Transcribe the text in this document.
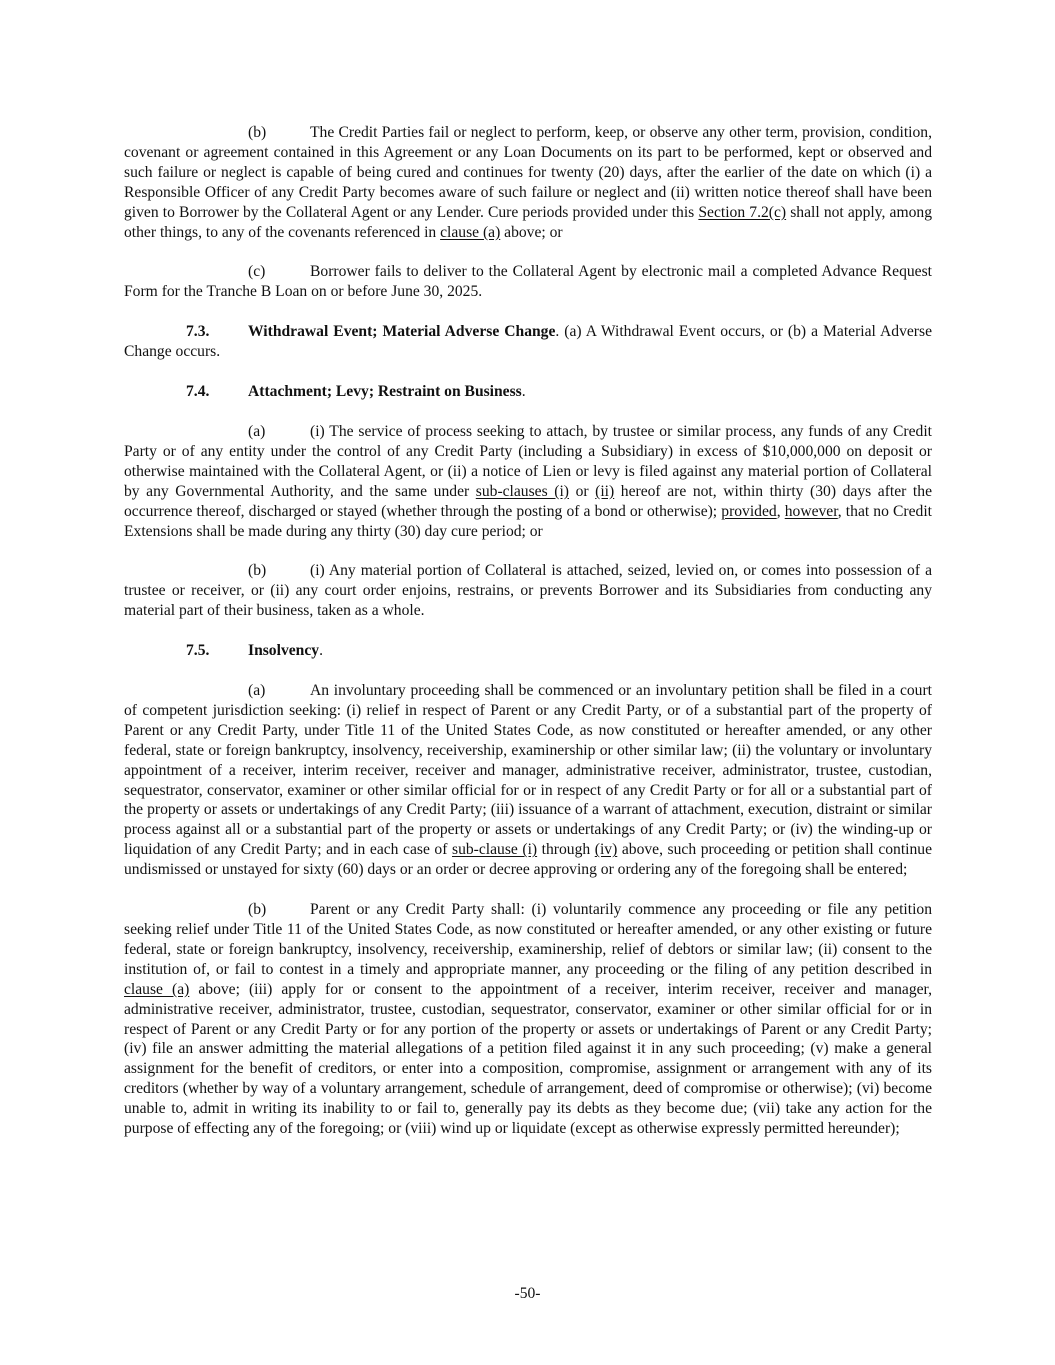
(b)	The Credit Parties fail or neglect to perform, keep, or observe any other term, provision, condition, covenant or agreement contained in this Agreement or any Loan Documents on its part to be performed, kept or observed and such failure or neglect is capable of being cured and continues for twenty (20) days, after the earlier of the date on which (i) a Responsible Officer of any Credit Party becomes aware of such failure or neglect and (ii) written notice thereof shall have been given to Borrower by the Collateral Agent or any Lender. Cure periods provided under this Section 7.2(c) shall not apply, among other things, to any of the covenants referenced in clause (a) above; or

(c)	Borrower fails to deliver to the Collateral Agent by electronic mail a completed Advance Request Form for the Tranche B Loan on or before June 30, 2025.

7.3. Withdrawal Event; Material Adverse Change. (a) A Withdrawal Event occurs, or (b) a Material Adverse Change occurs.

7.4. Attachment; Levy; Restraint on Business.

(a)	(i) The service of process seeking to attach, by trustee or similar process, any funds of any Credit Party or of any entity under the control of any Credit Party (including a Subsidiary) in excess of $10,000,000 on deposit or otherwise maintained with the Collateral Agent, or (ii) a notice of Lien or levy is filed against any material portion of Collateral by any Governmental Authority, and the same under sub-clauses (i) or (ii) hereof are not, within thirty (30) days after the occurrence thereof, discharged or stayed (whether through the posting of a bond or otherwise); provided, however, that no Credit Extensions shall be made during any thirty (30) day cure period; or

(b)	(i) Any material portion of Collateral is attached, seized, levied on, or comes into possession of a trustee or receiver, or (ii) any court order enjoins, restrains, or prevents Borrower and its Subsidiaries from conducting any material part of their business, taken as a whole.

7.5. Insolvency.

(a)	An involuntary proceeding shall be commenced or an involuntary petition shall be filed in a court of competent jurisdiction seeking: (i) relief in respect of Parent or any Credit Party, or of a substantial part of the property of Parent or any Credit Party, under Title 11 of the United States Code, as now constituted or hereafter amended, or any other federal, state or foreign bankruptcy, insolvency, receivership, examinership or other similar law; (ii) the voluntary or involuntary appointment of a receiver, interim receiver, receiver and manager, administrative receiver, administrator, trustee, custodian, sequestrator, conservator, examiner or other similar official for or in respect of any Credit Party or for all or a substantial part of the property or assets or undertakings of any Credit Party; (iii) issuance of a warrant of attachment, execution, distraint or similar process against all or a substantial part of the property or assets or undertakings of any Credit Party; or (iv) the winding-up or liquidation of any Credit Party; and in each case of sub-clause (i) through (iv) above, such proceeding or petition shall continue undismissed or unstayed for sixty (60) days or an order or decree approving or ordering any of the foregoing shall be entered;

(b)	Parent or any Credit Party shall: (i) voluntarily commence any proceeding or file any petition seeking relief under Title 11 of the United States Code, as now constituted or hereafter amended, or any other existing or future federal, state or foreign bankruptcy, insolvency, receivership, examinership, relief of debtors or similar law; (ii) consent to the institution of, or fail to contest in a timely and appropriate manner, any proceeding or the filing of any petition described in clause (a) above; (iii) apply for or consent to the appointment of a receiver, interim receiver, receiver and manager, administrative receiver, administrator, trustee, custodian, sequestrator, conservator, examiner or other similar official for or in respect of Parent or any Credit Party or for any portion of the property or assets or undertakings of Parent or any Credit Party; (iv) file an answer admitting the material allegations of a petition filed against it in any such proceeding; (v) make a general assignment for the benefit of creditors, or enter into a composition, compromise, assignment or arrangement with any of its creditors (whether by way of a voluntary arrangement, schedule of arrangement, deed of compromise or otherwise); (vi) become unable to, admit in writing its inability to or fail to, generally pay its debts as they become due; (vii) take any action for the purpose of effecting any of the foregoing; or (viii) wind up or liquidate (except as otherwise expressly permitted hereunder);

-50-
